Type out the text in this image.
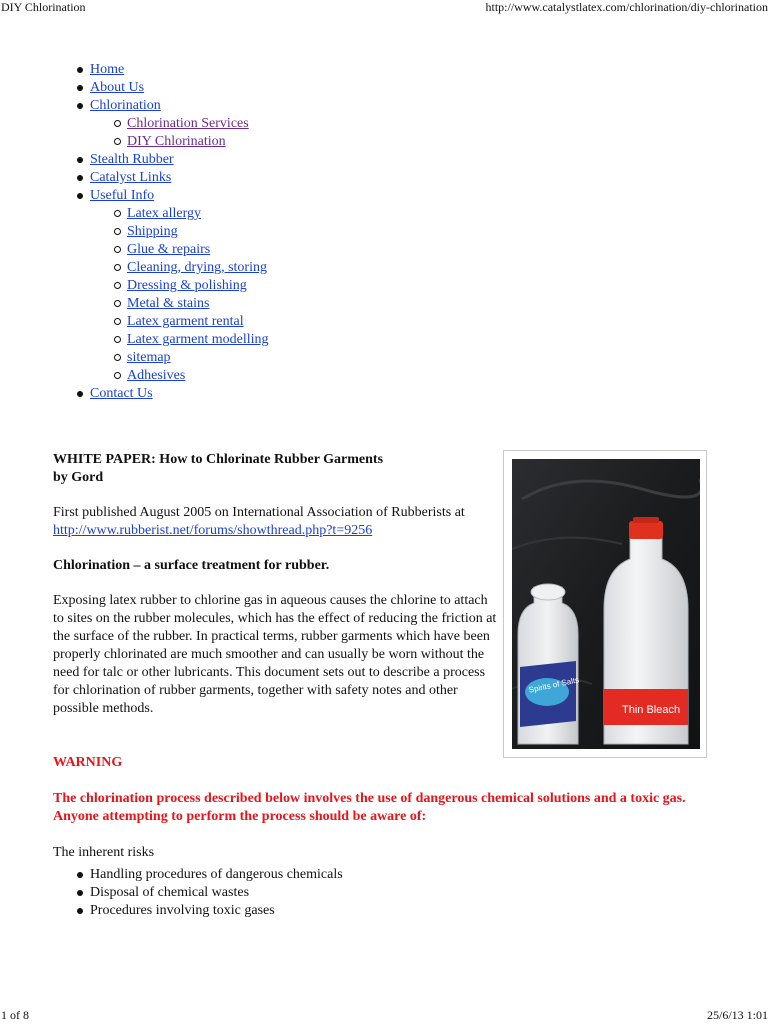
DIY Chlorination	http://www.catalystlatex.com/chlorination/diy-chlorination
Home
About Us
Chlorination
Chlorination Services
DIY Chlorination
Stealth Rubber
Catalyst Links
Useful Info
Latex allergy
Shipping
Glue & repairs
Cleaning, drying, storing
Dressing & polishing
Metal & stains
Latex garment rental
Latex garment modelling
sitemap
Adhesives
Contact Us
WHITE PAPER: How to Chlorinate Rubber Garments
by Gord

First published August 2005 on International Association of Rubberists at
http://www.rubberist.net/forums/showthread.php?t=9256

Chlorination – a surface treatment for rubber.

Exposing latex rubber to chlorine gas in aqueous causes the chlorine to attach to sites on the rubber molecules, which has the effect of reducing the friction at the surface of the rubber. In practical terms, rubber garments which have been properly chlorinated are much smoother and can usually be worn without the need for talc or other lubricants. This document sets out to describe a process for chlorination of rubber garments, together with safety notes and other possible methods.	Thin Bleach
Spirits of Salts
WARNING

The chlorination process described below involves the use of dangerous chemical solutions and a toxic gas. Anyone attempting to perform the process should be aware of:

The inherent risks
Handling procedures of dangerous chemicals
Disposal of chemical wastes
Procedures involving toxic gases
1 of 8	25/6/13 1:01
